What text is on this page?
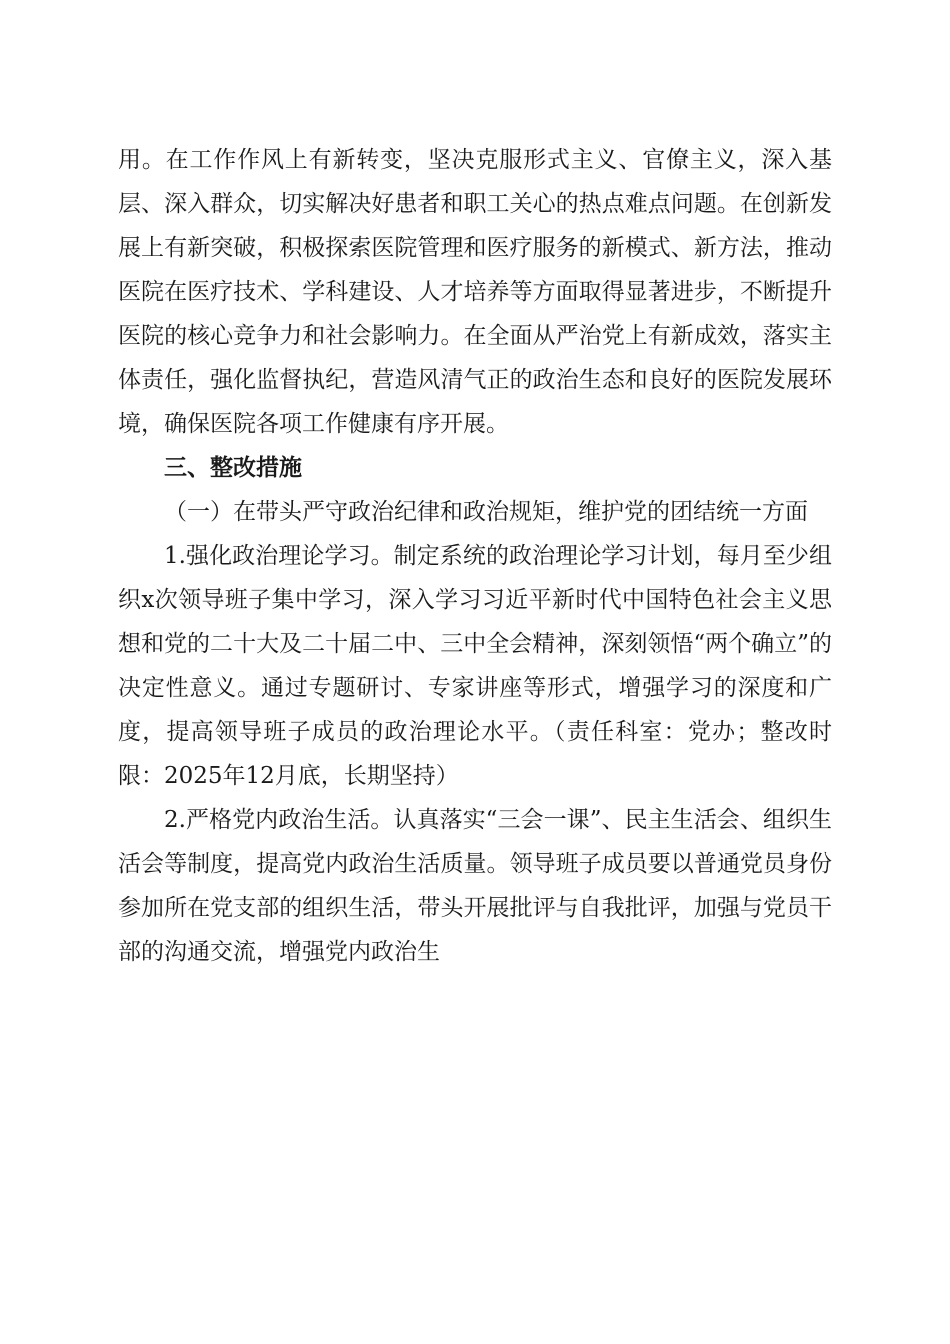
用。在工作作风上有新转变，坚决克服形式主义、官僚主义，深入基层、深入群众，切实解决好患者和职工关心的热点难点问题。在创新发展上有新突破，积极探索医院管理和医疗服务的新模式、新方法，推动医院在医疗技术、学科建设、人才培养等方面取得显著进步，不断提升医院的核心竞争力和社会影响力。在全面从严治党上有新成效，落实主体责任，强化监督执纪，营造风清气正的政治生态和良好的医院发展环境，确保医院各项工作健康有序开展。

三、整改措施

（一）在带头严守政治纪律和政治规矩，维护党的团结统一方面

1.强化政治理论学习。制定系统的政治理论学习计划，每月至少组织x次领导班子集中学习，深入学习习近平新时代中国特色社会主义思想和党的二十大及二十届二中、三中全会精神，深刻领悟“两个确立”的决定性意义。通过专题研讨、专家讲座等形式，增强学习的深度和广度，提高领导班子成员的政治理论水平。（责任科室：党办；整改时限：2025年12月底，长期坚持）

2.严格党内政治生活。认真落实“三会一课”、民主生活会、组织生活会等制度，提高党内政治生活质量。领导班子成员要以普通党员身份参加所在党支部的组织生活，带头开展批评与自我批评，加强与党员干部的沟通交流，增强党内政治生
